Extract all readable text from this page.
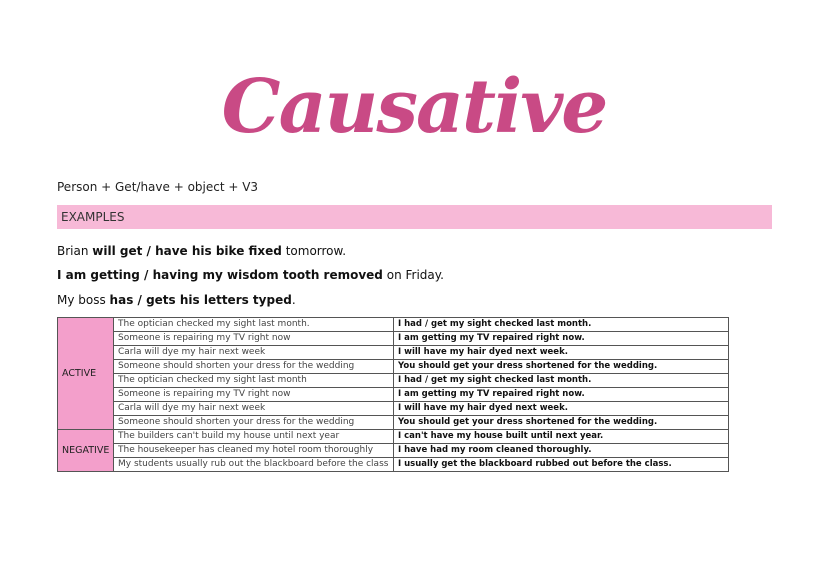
Causative
Person + Get/have + object + V3
EXAMPLES
Brian will get / have his bike fixed tomorrow.
I am getting / having my wisdom tooth removed on Friday.
My boss has / gets his letters typed.
ACTIVE	The optician checked my sight last month.	I had / get my sight checked last month.
	Someone is repairing my TV right now	I am getting my TV repaired right now.
	Carla will dye my hair next week	I will have my hair dyed next week.
	Someone should shorten your dress for the wedding	You should get your dress shortened for the wedding.
	The optician checked my sight last month	I had / get my sight checked last month.
	Someone is repairing my TV right now	I am getting my TV repaired right now.
	Carla will dye my hair next week	I will have my hair dyed next week.
	Someone should shorten your dress for the wedding	You should get your dress shortened for the wedding.
NEGATIVE	The builders can't build my house until next year	I can't have my house built until next year.
	The housekeeper has cleaned my hotel room thoroughly	I have had my room cleaned thoroughly.
	My students usually rub out the blackboard before the class	I usually get the blackboard rubbed out before the class.
